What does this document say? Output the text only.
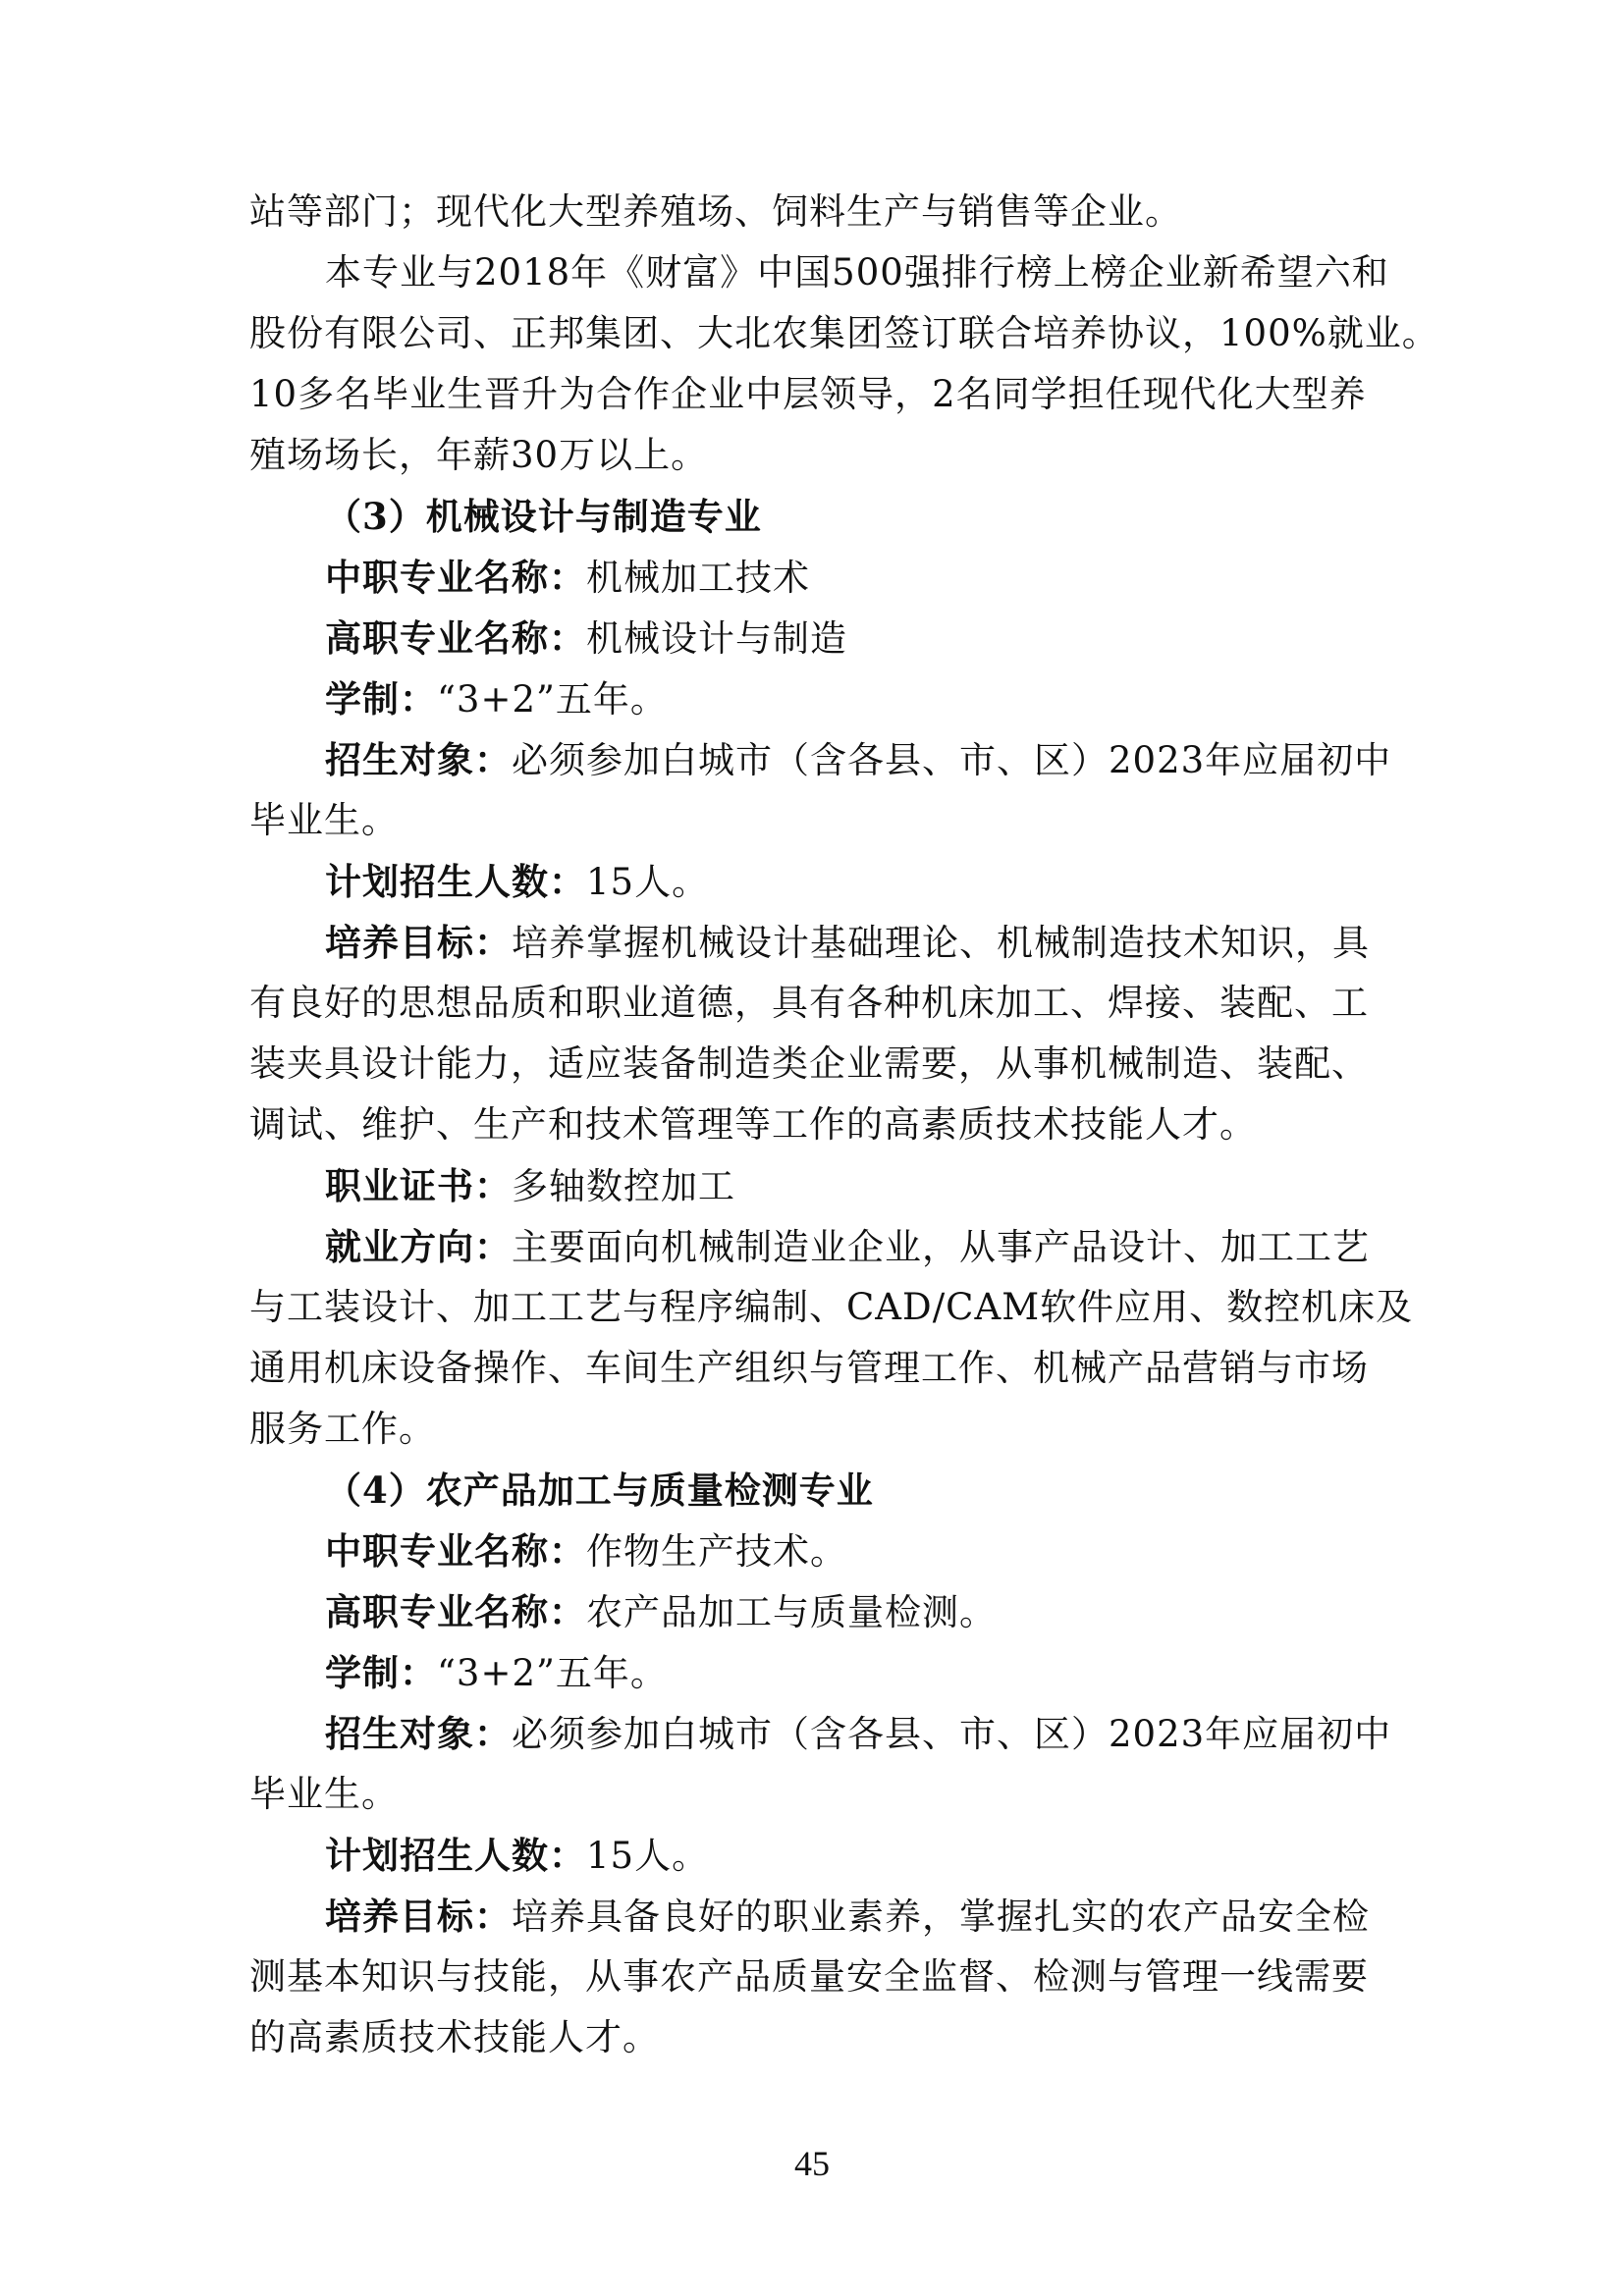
站等部门；现代化大型养殖场、饲料生产与销售等企业。
本专业与2018年《财富》中国500强排行榜上榜企业新希望六和
股份有限公司、正邦集团、大北农集团签订联合培养协议，100%就业。
10多名毕业生晋升为合作企业中层领导，2名同学担任现代化大型养
殖场场长，年薪30万以上。
（3）机械设计与制造专业
中职专业名称：机械加工技术
高职专业名称：机械设计与制造
学制：“3+2”五年。
招生对象：必须参加白城市（含各县、市、区）2023年应届初中
毕业生。
计划招生人数：15人。
培养目标：培养掌握机械设计基础理论、机械制造技术知识，具
有良好的思想品质和职业道德，具有各种机床加工、焊接、装配、工
装夹具设计能力，适应装备制造类企业需要，从事机械制造、装配、
调试、维护、生产和技术管理等工作的高素质技术技能人才。
职业证书：多轴数控加工
就业方向：主要面向机械制造业企业，从事产品设计、加工工艺
与工装设计、加工工艺与程序编制、CAD/CAM软件应用、数控机床及
通用机床设备操作、车间生产组织与管理工作、机械产品营销与市场
服务工作。
（4）农产品加工与质量检测专业
中职专业名称：作物生产技术。
高职专业名称：农产品加工与质量检测。
学制：“3+2”五年。
招生对象：必须参加白城市（含各县、市、区）2023年应届初中
毕业生。
计划招生人数：15人。
培养目标：培养具备良好的职业素养，掌握扎实的农产品安全检
测基本知识与技能，从事农产品质量安全监督、检测与管理一线需要
的高素质技术技能人才。
45
